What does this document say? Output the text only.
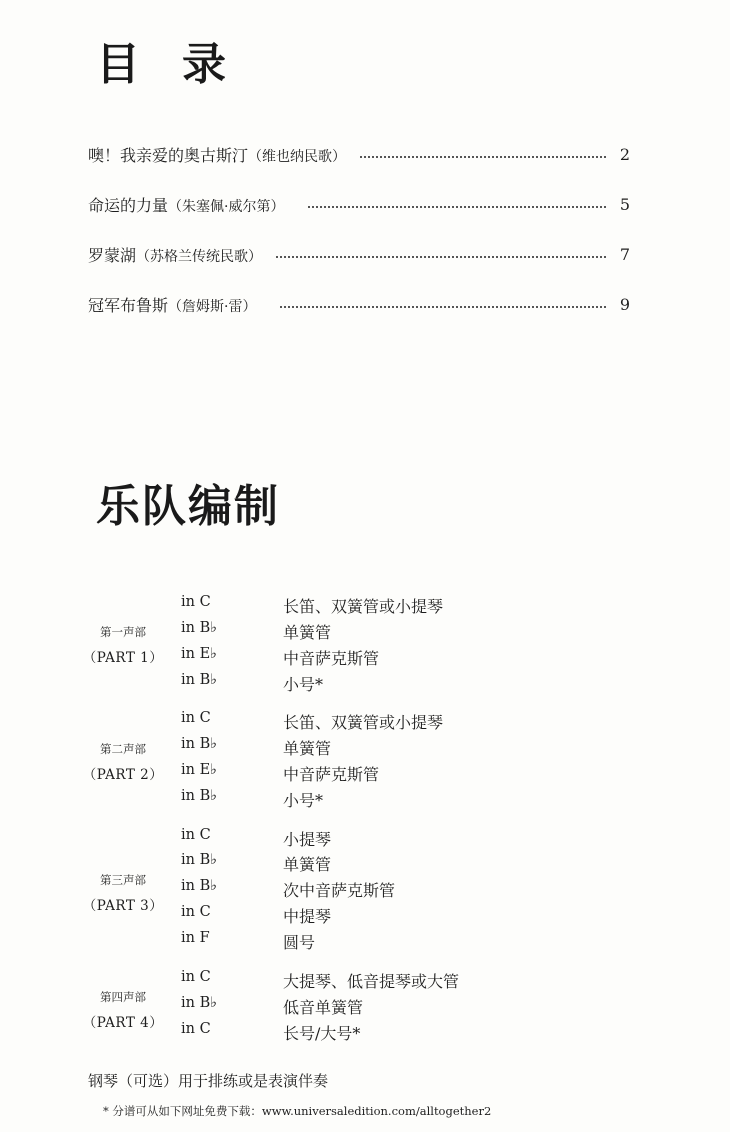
目录
噢！我亲爱的奥古斯汀（维也纳民歌）	2
命运的力量（朱塞佩·威尔第）	5
罗蒙湖（苏格兰传统民歌）	7
冠军布鲁斯（詹姆斯·雷）	9
乐队编制
第一声部
（PART 1）
in C	长笛、双簧管或小提琴
in B♭	单簧管
in E♭	中音萨克斯管
in B♭	小号*
第二声部
（PART 2）
in C	长笛、双簧管或小提琴
in B♭	单簧管
in E♭	中音萨克斯管
in B♭	小号*
第三声部
（PART 3）
in C	小提琴
in B♭	单簧管
in B♭	次中音萨克斯管
in C	中提琴
in F	圆号
第四声部
（PART 4）
in C	大提琴、低音提琴或大管
in B♭	低音单簧管
in C	长号/大号*
钢琴（可选）用于排练或是表演伴奏
* 分谱可从如下网址免费下载：www.universaledition.com/alltogether2
